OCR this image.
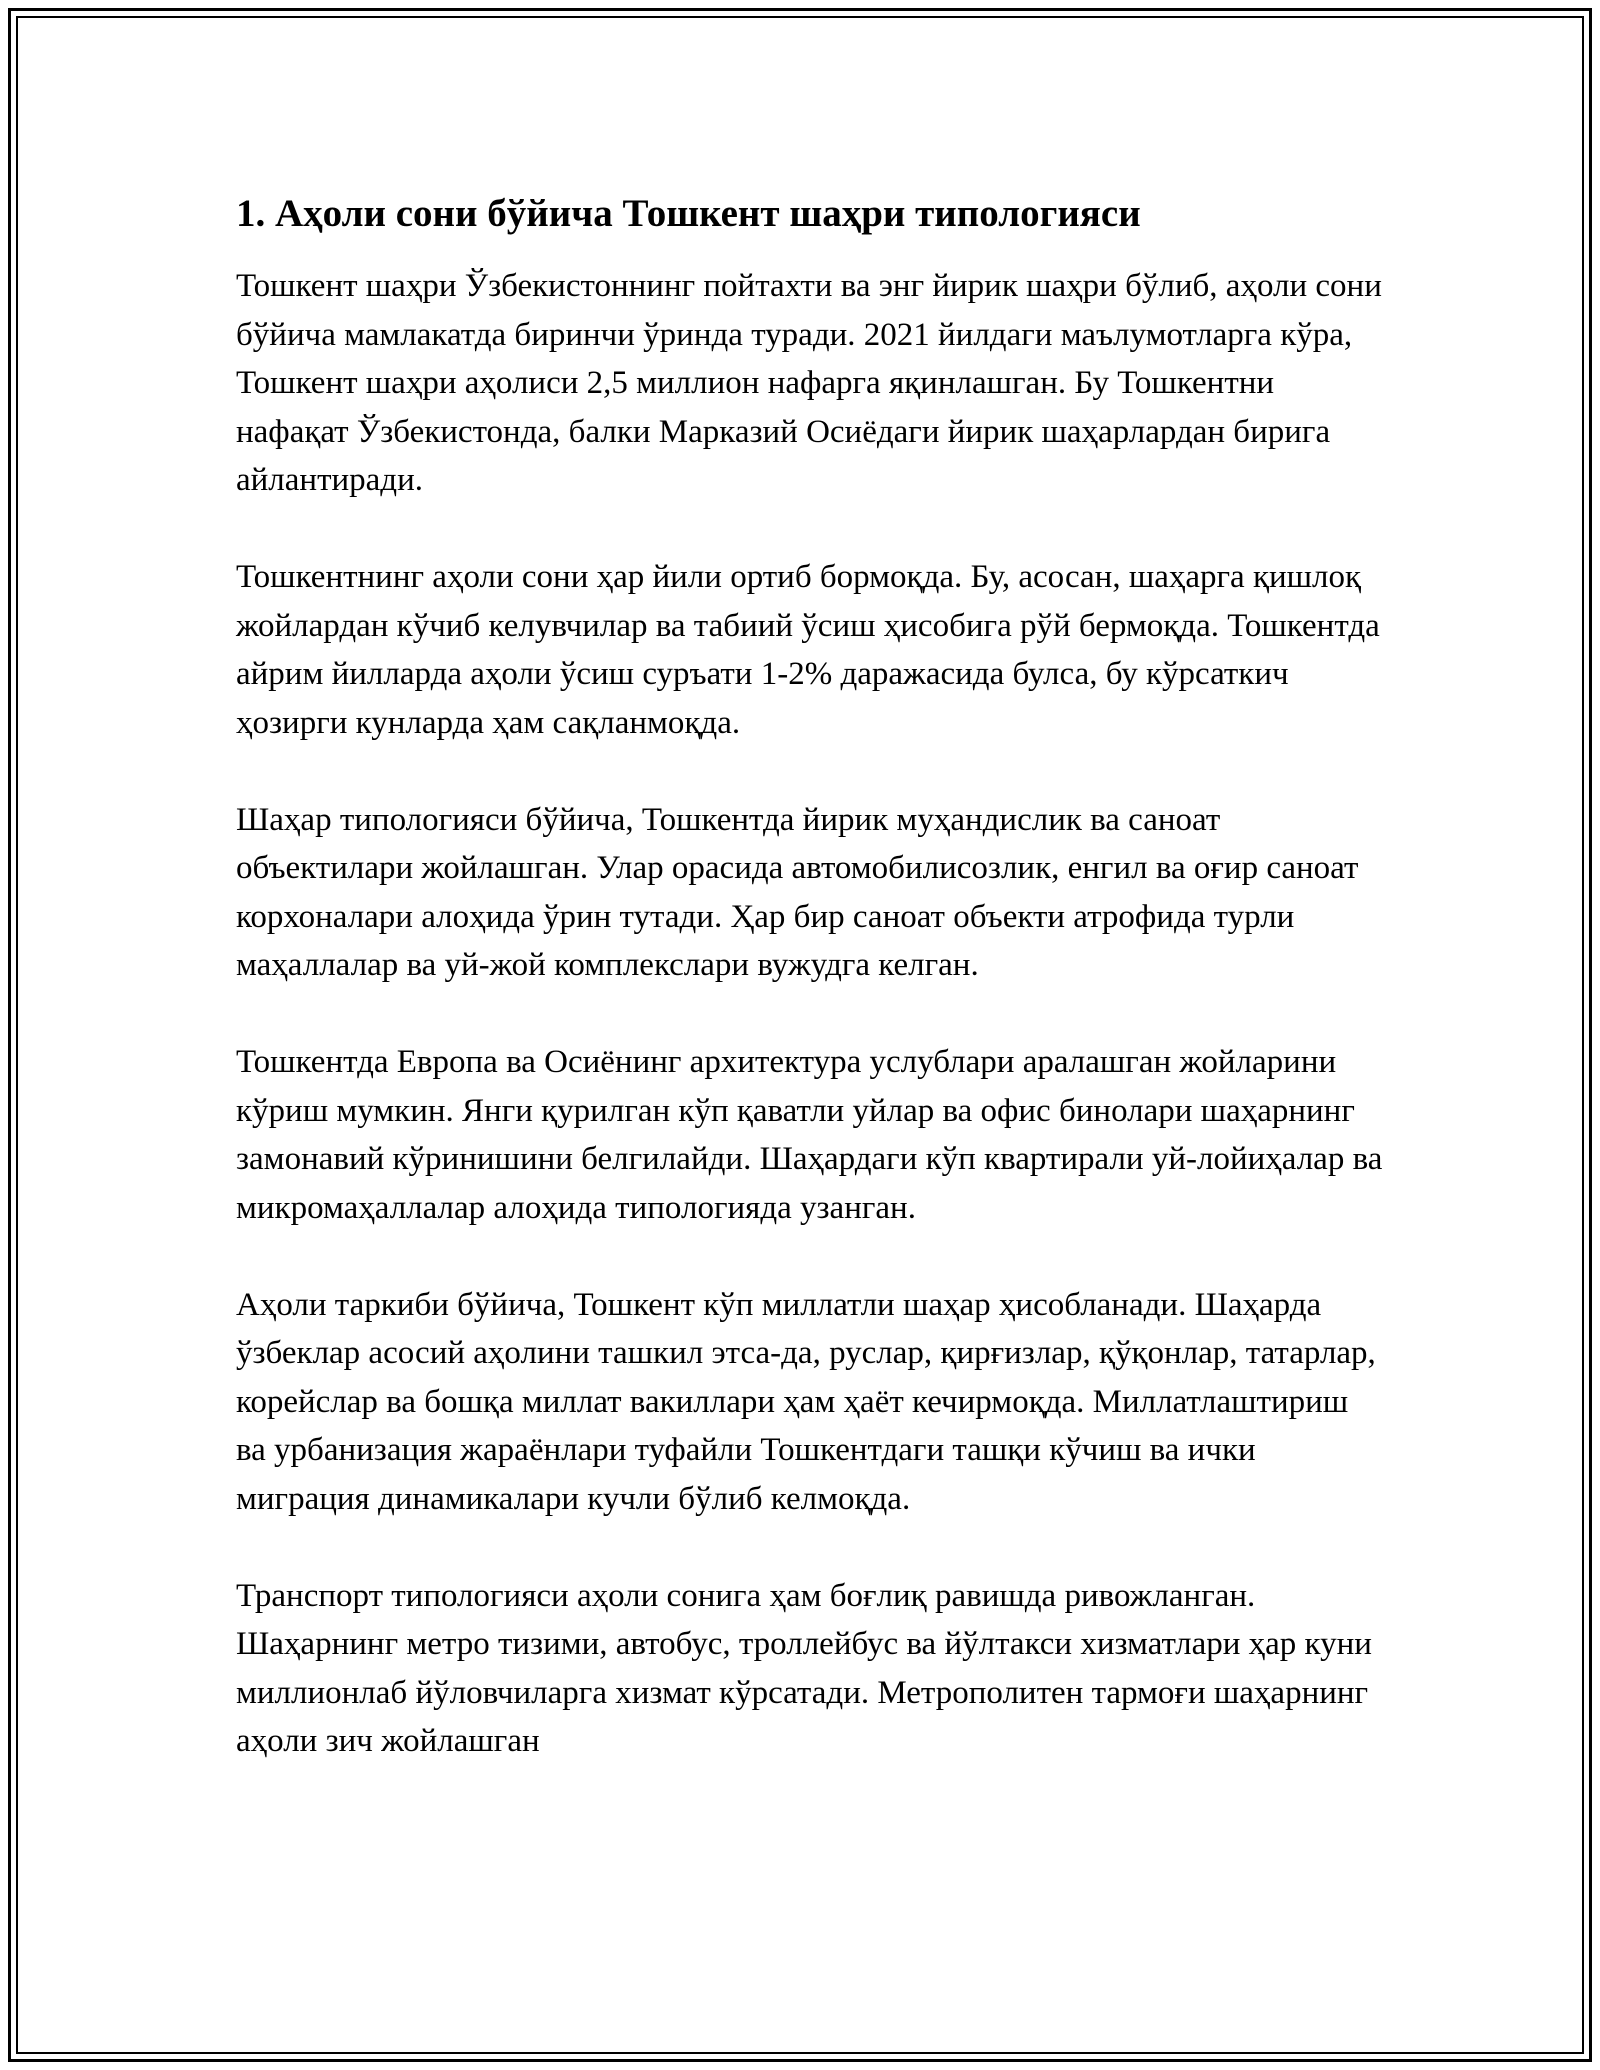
1. Аҳоли сони бўйича Тошкент шаҳри типологияси

Тошкент шаҳри Ўзбекистоннинг пойтахти ва энг йирик шаҳри бўлиб, аҳоли сони бўйича мамлакатда биринчи ўринда туради. 2021 йилдаги маълумотларга кўра, Тошкент шаҳри аҳолиси 2,5 миллион нафарга яқинлашган. Бу Тошкентни нафақат Ўзбекистонда, балки Марказий Осиёдаги йирик шаҳарлардан бирига айлантиради.

Тошкентнинг аҳоли сони ҳар йили ортиб бормоқда. Бу, асосан, шаҳарга қишлоқ жойлардан кўчиб келувчилар ва табиий ўсиш ҳисобига рўй бермоқда. Тошкентда айрим йилларда аҳоли ўсиш суръати 1-2% даражасида булса, бу кўрсаткич ҳозирги кунларда ҳам сақланмоқда.

Шаҳар типологияси бўйича, Тошкентда йирик муҳандислик ва саноат объектилари жойлашган. Улар орасида автомобилисозлик, енгил ва оғир саноат корхоналари алоҳида ўрин тутади. Ҳар бир саноат объекти атрофида турли маҳаллалар ва уй-жой комплекслари вужудга келган.

Тошкентда Европа ва Осиёнинг архитектура услублари аралашган жойларини кўриш мумкин. Янги қурилган кўп қаватли уйлар ва офис бинолари шаҳарнинг замонавий кўринишини белгилайди. Шаҳардаги кўп квартирали уй-лойиҳалар ва микромаҳаллалар алоҳида типологияда узанган.

Аҳоли таркиби бўйича, Тошкент кўп миллатли шаҳар ҳисобланади. Шаҳарда ўзбеклар асосий аҳолини ташкил этса-да, руслар, қирғизлар, қўқонлар, татарлар, корейслар ва бошқа миллат вакиллари ҳам ҳаёт кечирмоқда. Миллатлаштириш ва урбанизация жараёнлари туфайли Тошкентдаги ташқи кўчиш ва ички миграция динамикалари кучли бўлиб келмоқда.

Транспорт типологияси аҳоли сонига ҳам боғлиқ равишда ривожланган. Шаҳарнинг метро тизими, автобус, троллейбус ва йўлтакси хизматлари ҳар куни миллионлаб йўловчиларга хизмат кўрсатади. Метрополитен тармоғи шаҳарнинг аҳоли зич жойлашган
